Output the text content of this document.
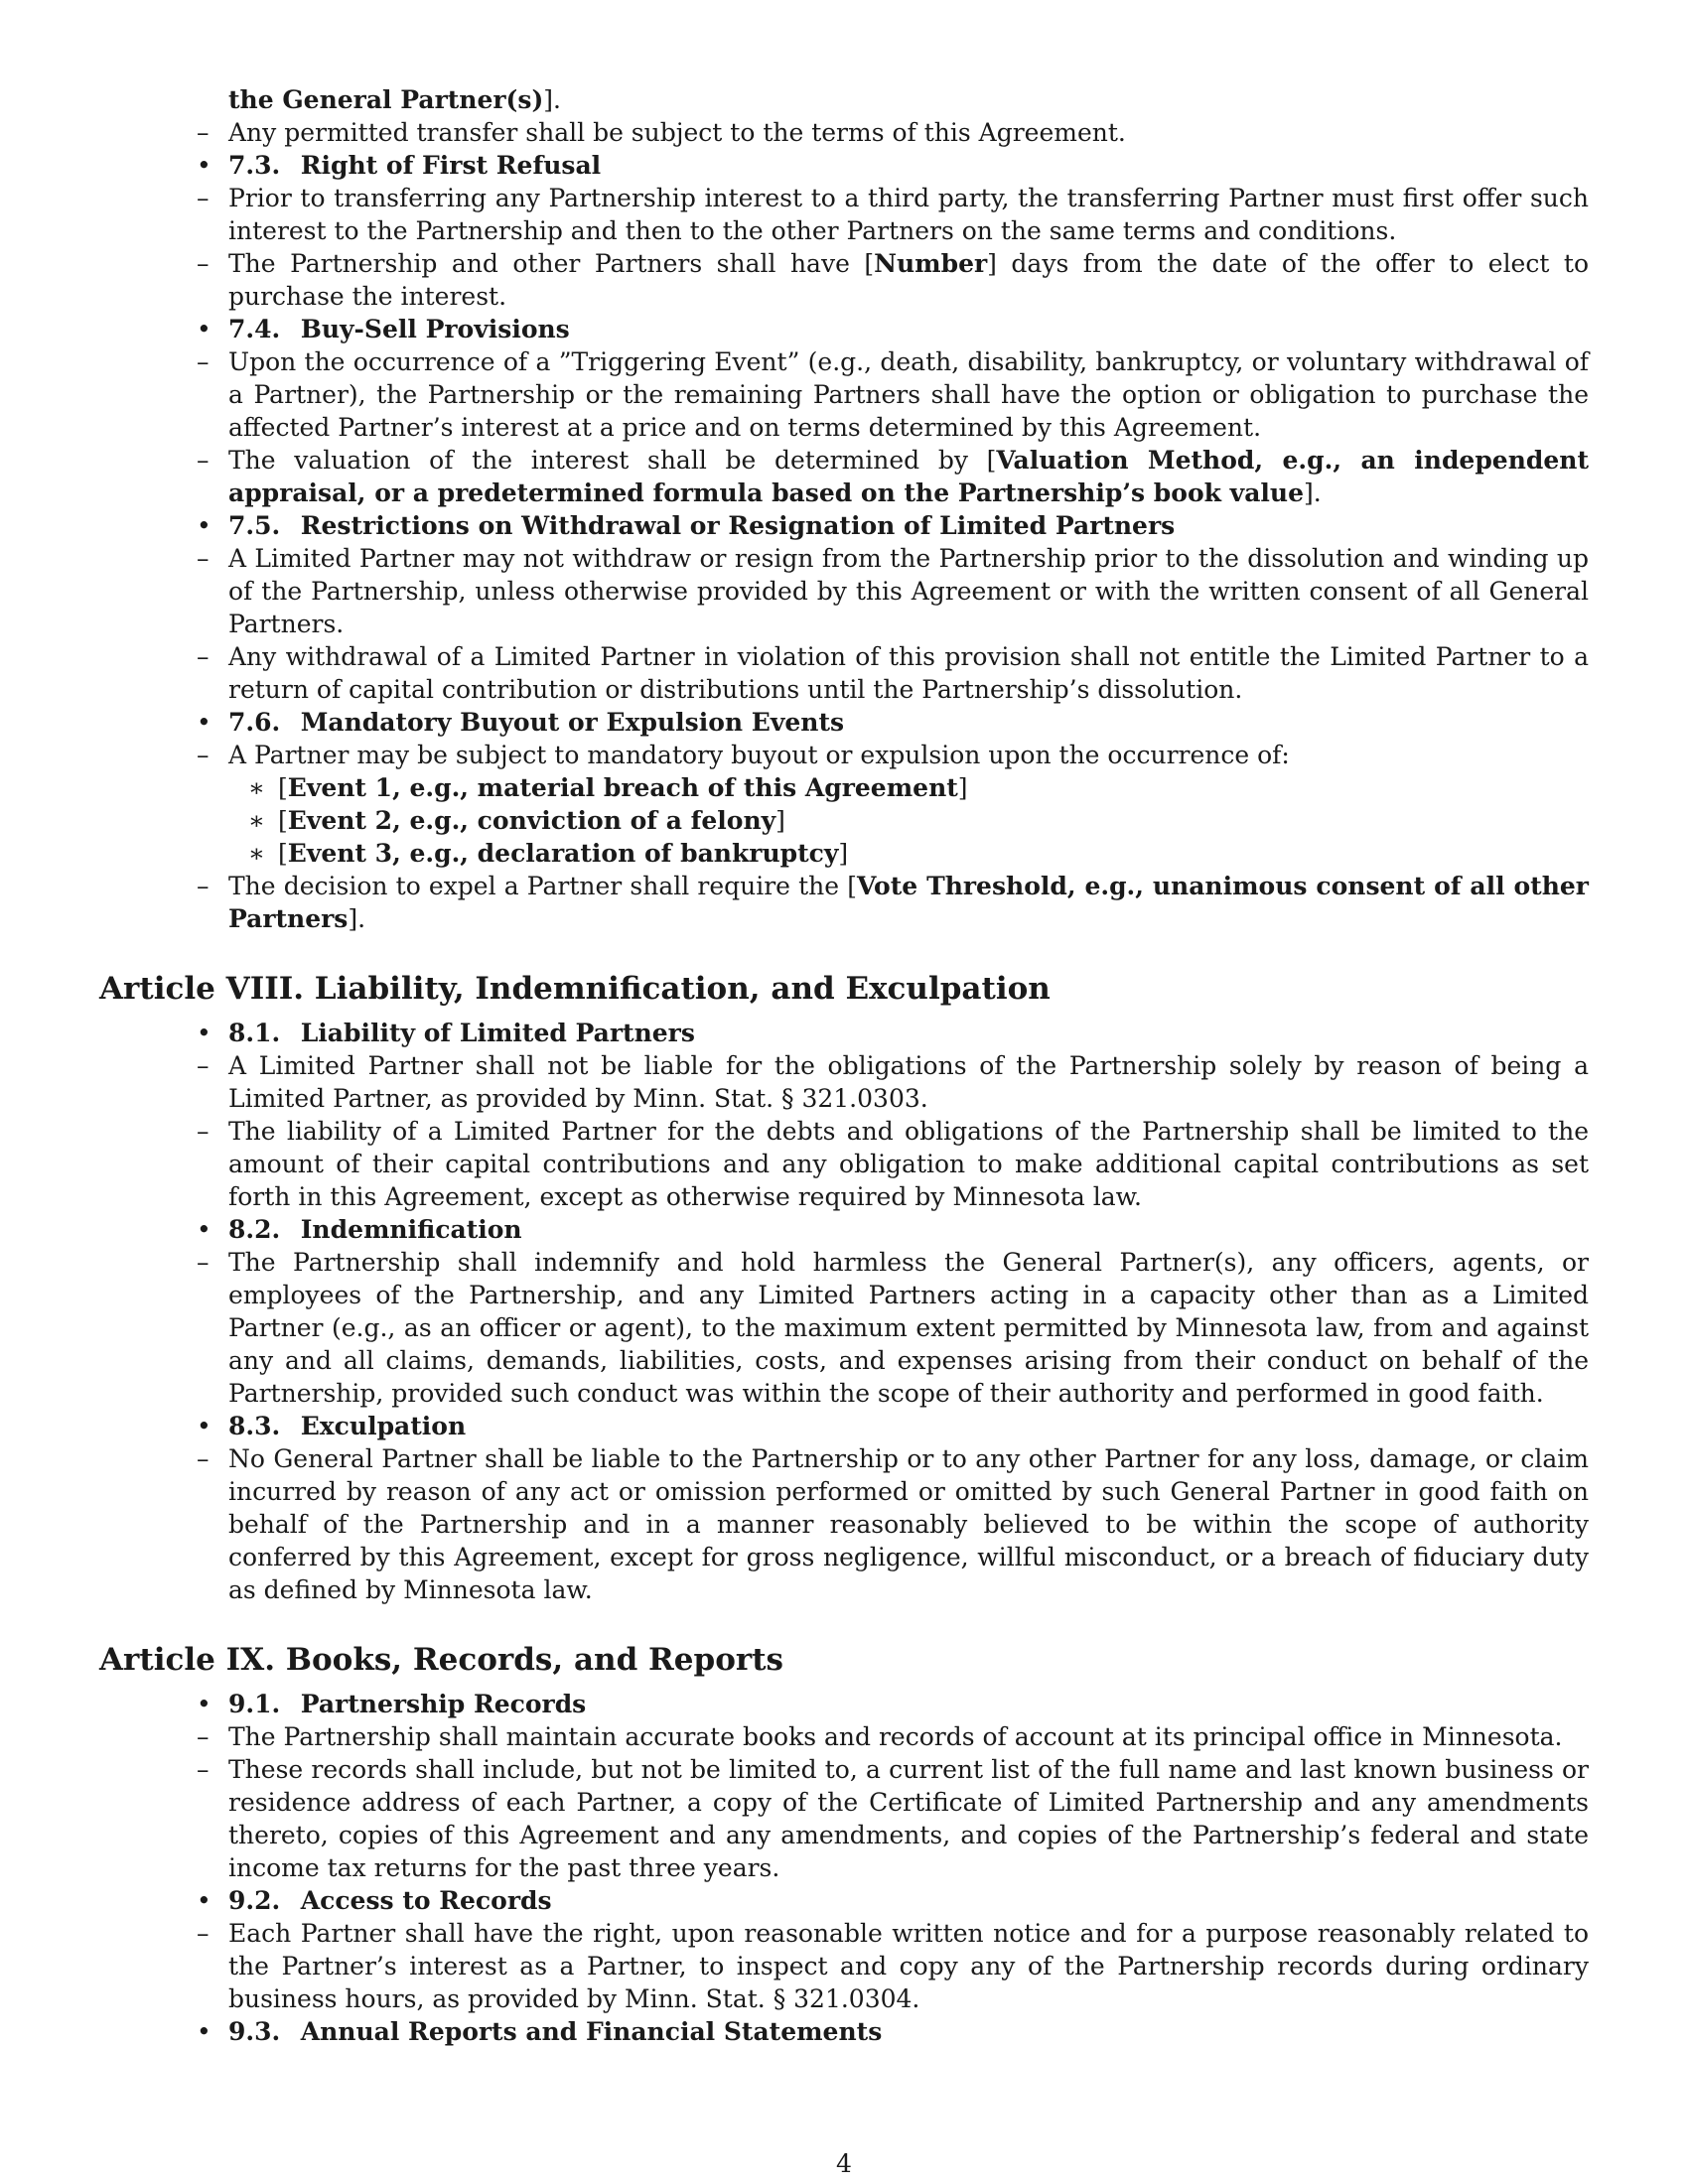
the General Partner(s)].
– Any permitted transfer shall be subject to the terms of this Agreement.
• 7.3. Right of First Refusal
– Prior to transferring any Partnership interest to a third party, the transferring Partner must first offer such interest to the Partnership and then to the other Partners on the same terms and conditions.
– The Partnership and other Partners shall have [Number] days from the date of the offer to elect to purchase the interest.
• 7.4. Buy-Sell Provisions
– Upon the occurrence of a ”Triggering Event” (e.g., death, disability, bankruptcy, or voluntary withdrawal of a Partner), the Partnership or the remaining Partners shall have the option or obligation to purchase the affected Partner’s interest at a price and on terms determined by this Agreement.
– The valuation of the interest shall be determined by [Valuation Method, e.g., an independent appraisal, or a predetermined formula based on the Partnership’s book value].
• 7.5. Restrictions on Withdrawal or Resignation of Limited Partners
– A Limited Partner may not withdraw or resign from the Partnership prior to the dissolution and winding up of the Partnership, unless otherwise provided by this Agreement or with the written consent of all General Partners.
– Any withdrawal of a Limited Partner in violation of this provision shall not entitle the Limited Partner to a return of capital contribution or distributions until the Partnership’s dissolution.
• 7.6. Mandatory Buyout or Expulsion Events
– A Partner may be subject to mandatory buyout or expulsion upon the occurrence of:
∗ [Event 1, e.g., material breach of this Agreement]
∗ [Event 2, e.g., conviction of a felony]
∗ [Event 3, e.g., declaration of bankruptcy]
– The decision to expel a Partner shall require the [Vote Threshold, e.g., unanimous consent of all other Partners].
Article VIII. Liability, Indemnification, and Exculpation
• 8.1. Liability of Limited Partners
– A Limited Partner shall not be liable for the obligations of the Partnership solely by reason of being a Limited Partner, as provided by Minn. Stat. § 321.0303.
– The liability of a Limited Partner for the debts and obligations of the Partnership shall be limited to the amount of their capital contributions and any obligation to make additional capital contributions as set forth in this Agreement, except as otherwise required by Minnesota law.
• 8.2. Indemnification
– The Partnership shall indemnify and hold harmless the General Partner(s), any officers, agents, or employees of the Partnership, and any Limited Partners acting in a capacity other than as a Limited Partner (e.g., as an officer or agent), to the maximum extent permitted by Minnesota law, from and against any and all claims, demands, liabilities, costs, and expenses arising from their conduct on behalf of the Partnership, provided such conduct was within the scope of their authority and performed in good faith.
• 8.3. Exculpation
– No General Partner shall be liable to the Partnership or to any other Partner for any loss, damage, or claim incurred by reason of any act or omission performed or omitted by such General Partner in good faith on behalf of the Partnership and in a manner reasonably believed to be within the scope of authority conferred by this Agreement, except for gross negligence, willful misconduct, or a breach of fiduciary duty as defined by Minnesota law.
Article IX. Books, Records, and Reports
• 9.1. Partnership Records
– The Partnership shall maintain accurate books and records of account at its principal office in Minnesota.
– These records shall include, but not be limited to, a current list of the full name and last known business or residence address of each Partner, a copy of the Certificate of Limited Partnership and any amendments thereto, copies of this Agreement and any amendments, and copies of the Partnership’s federal and state income tax returns for the past three years.
• 9.2. Access to Records
– Each Partner shall have the right, upon reasonable written notice and for a purpose reasonably related to the Partner’s interest as a Partner, to inspect and copy any of the Partnership records during ordinary business hours, as provided by Minn. Stat. § 321.0304.
• 9.3. Annual Reports and Financial Statements
4
